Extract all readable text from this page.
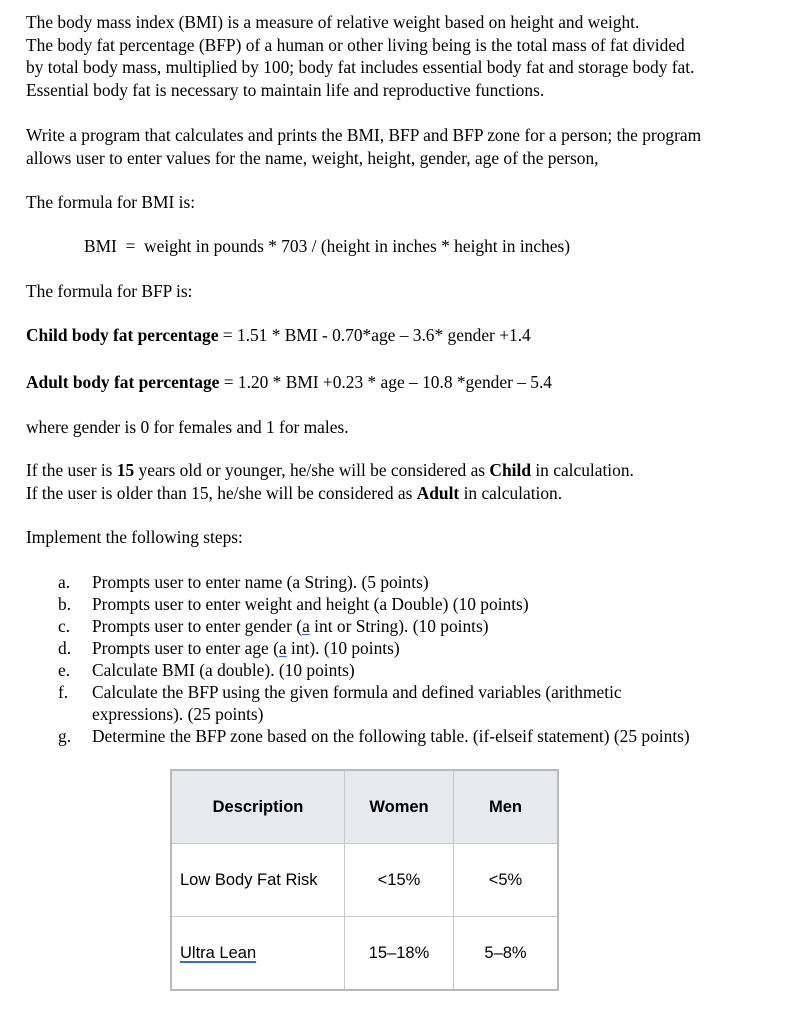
The body mass index (BMI) is a measure of relative weight based on height and weight.
The body fat percentage (BFP) of a human or other living being is the total mass of fat divided
by total body mass, multiplied by 100; body fat includes essential body fat and storage body fat.
Essential body fat is necessary to maintain life and reproductive functions.
Write a program that calculates and prints the BMI, BFP and BFP zone for a person; the program
allows user to enter values for the name, weight, height, gender, age of the person,
The formula for BMI is:
BMI  =  weight in pounds * 703 / (height in inches * height in inches)
The formula for BFP is:
Child body fat percentage = 1.51 * BMI - 0.70*age – 3.6* gender +1.4
Adult body fat percentage = 1.20 * BMI +0.23 * age – 10.8 *gender – 5.4
where gender is 0 for females and 1 for males.
If the user is 15 years old or younger, he/she will be considered as Child in calculation.
If the user is older than 15, he/she will be considered as Adult in calculation.
Implement the following steps:
a. Prompts user to enter name (a String). (5 points)
b. Prompts user to enter weight and height (a Double) (10 points)
c. Prompts user to enter gender (a int or String). (10 points)
d. Prompts user to enter age (a int). (10 points)
e. Calculate BMI (a double). (10 points)
f. Calculate the BFP using the given formula and defined variables (arithmetic
expressions). (25 points)
g. Determine the BFP zone based on the following table. (if-elseif statement) (25 points)
Description	Women	Men
Low Body Fat Risk	<15%	<5%
Ultra Lean	15–18%	5–8%
